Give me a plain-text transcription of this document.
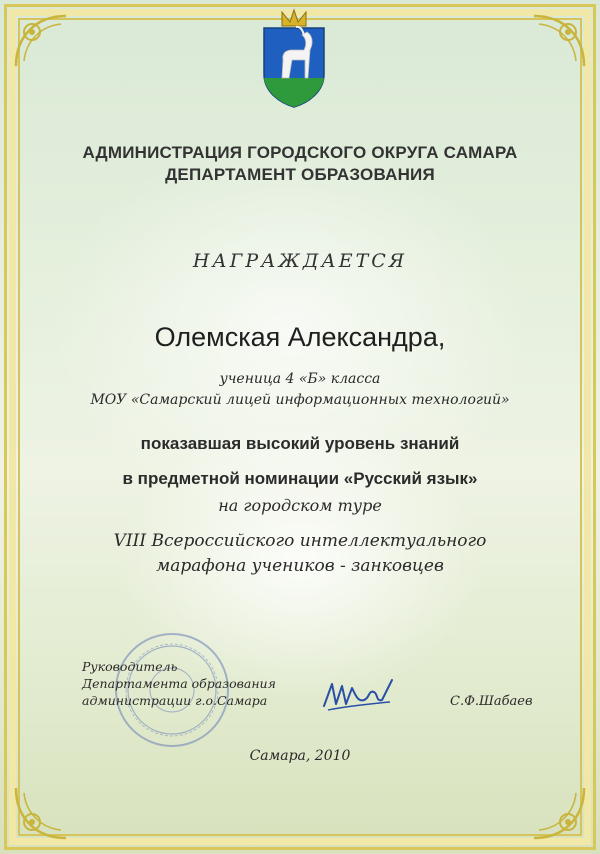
АДМИНИСТРАЦИЯ ГОРОДСКОГО ОКРУГА САМАРА
ДЕПАРТАМЕНТ ОБРАЗОВАНИЯ
НАГРАЖДАЕТСЯ
Олемская Александра,
ученица 4 «Б» класса
МОУ «Самарский лицей информационных технологий»
показавшая высокий уровень знаний
в предметной номинации «Русский язык»
на городском туре
VIII Всероссийского интеллектуального
марафона учеников - занковцев
Руководитель
Департамента образования
администрации г.о.Самара	С.Ф.Шабаев
Самара, 2010
